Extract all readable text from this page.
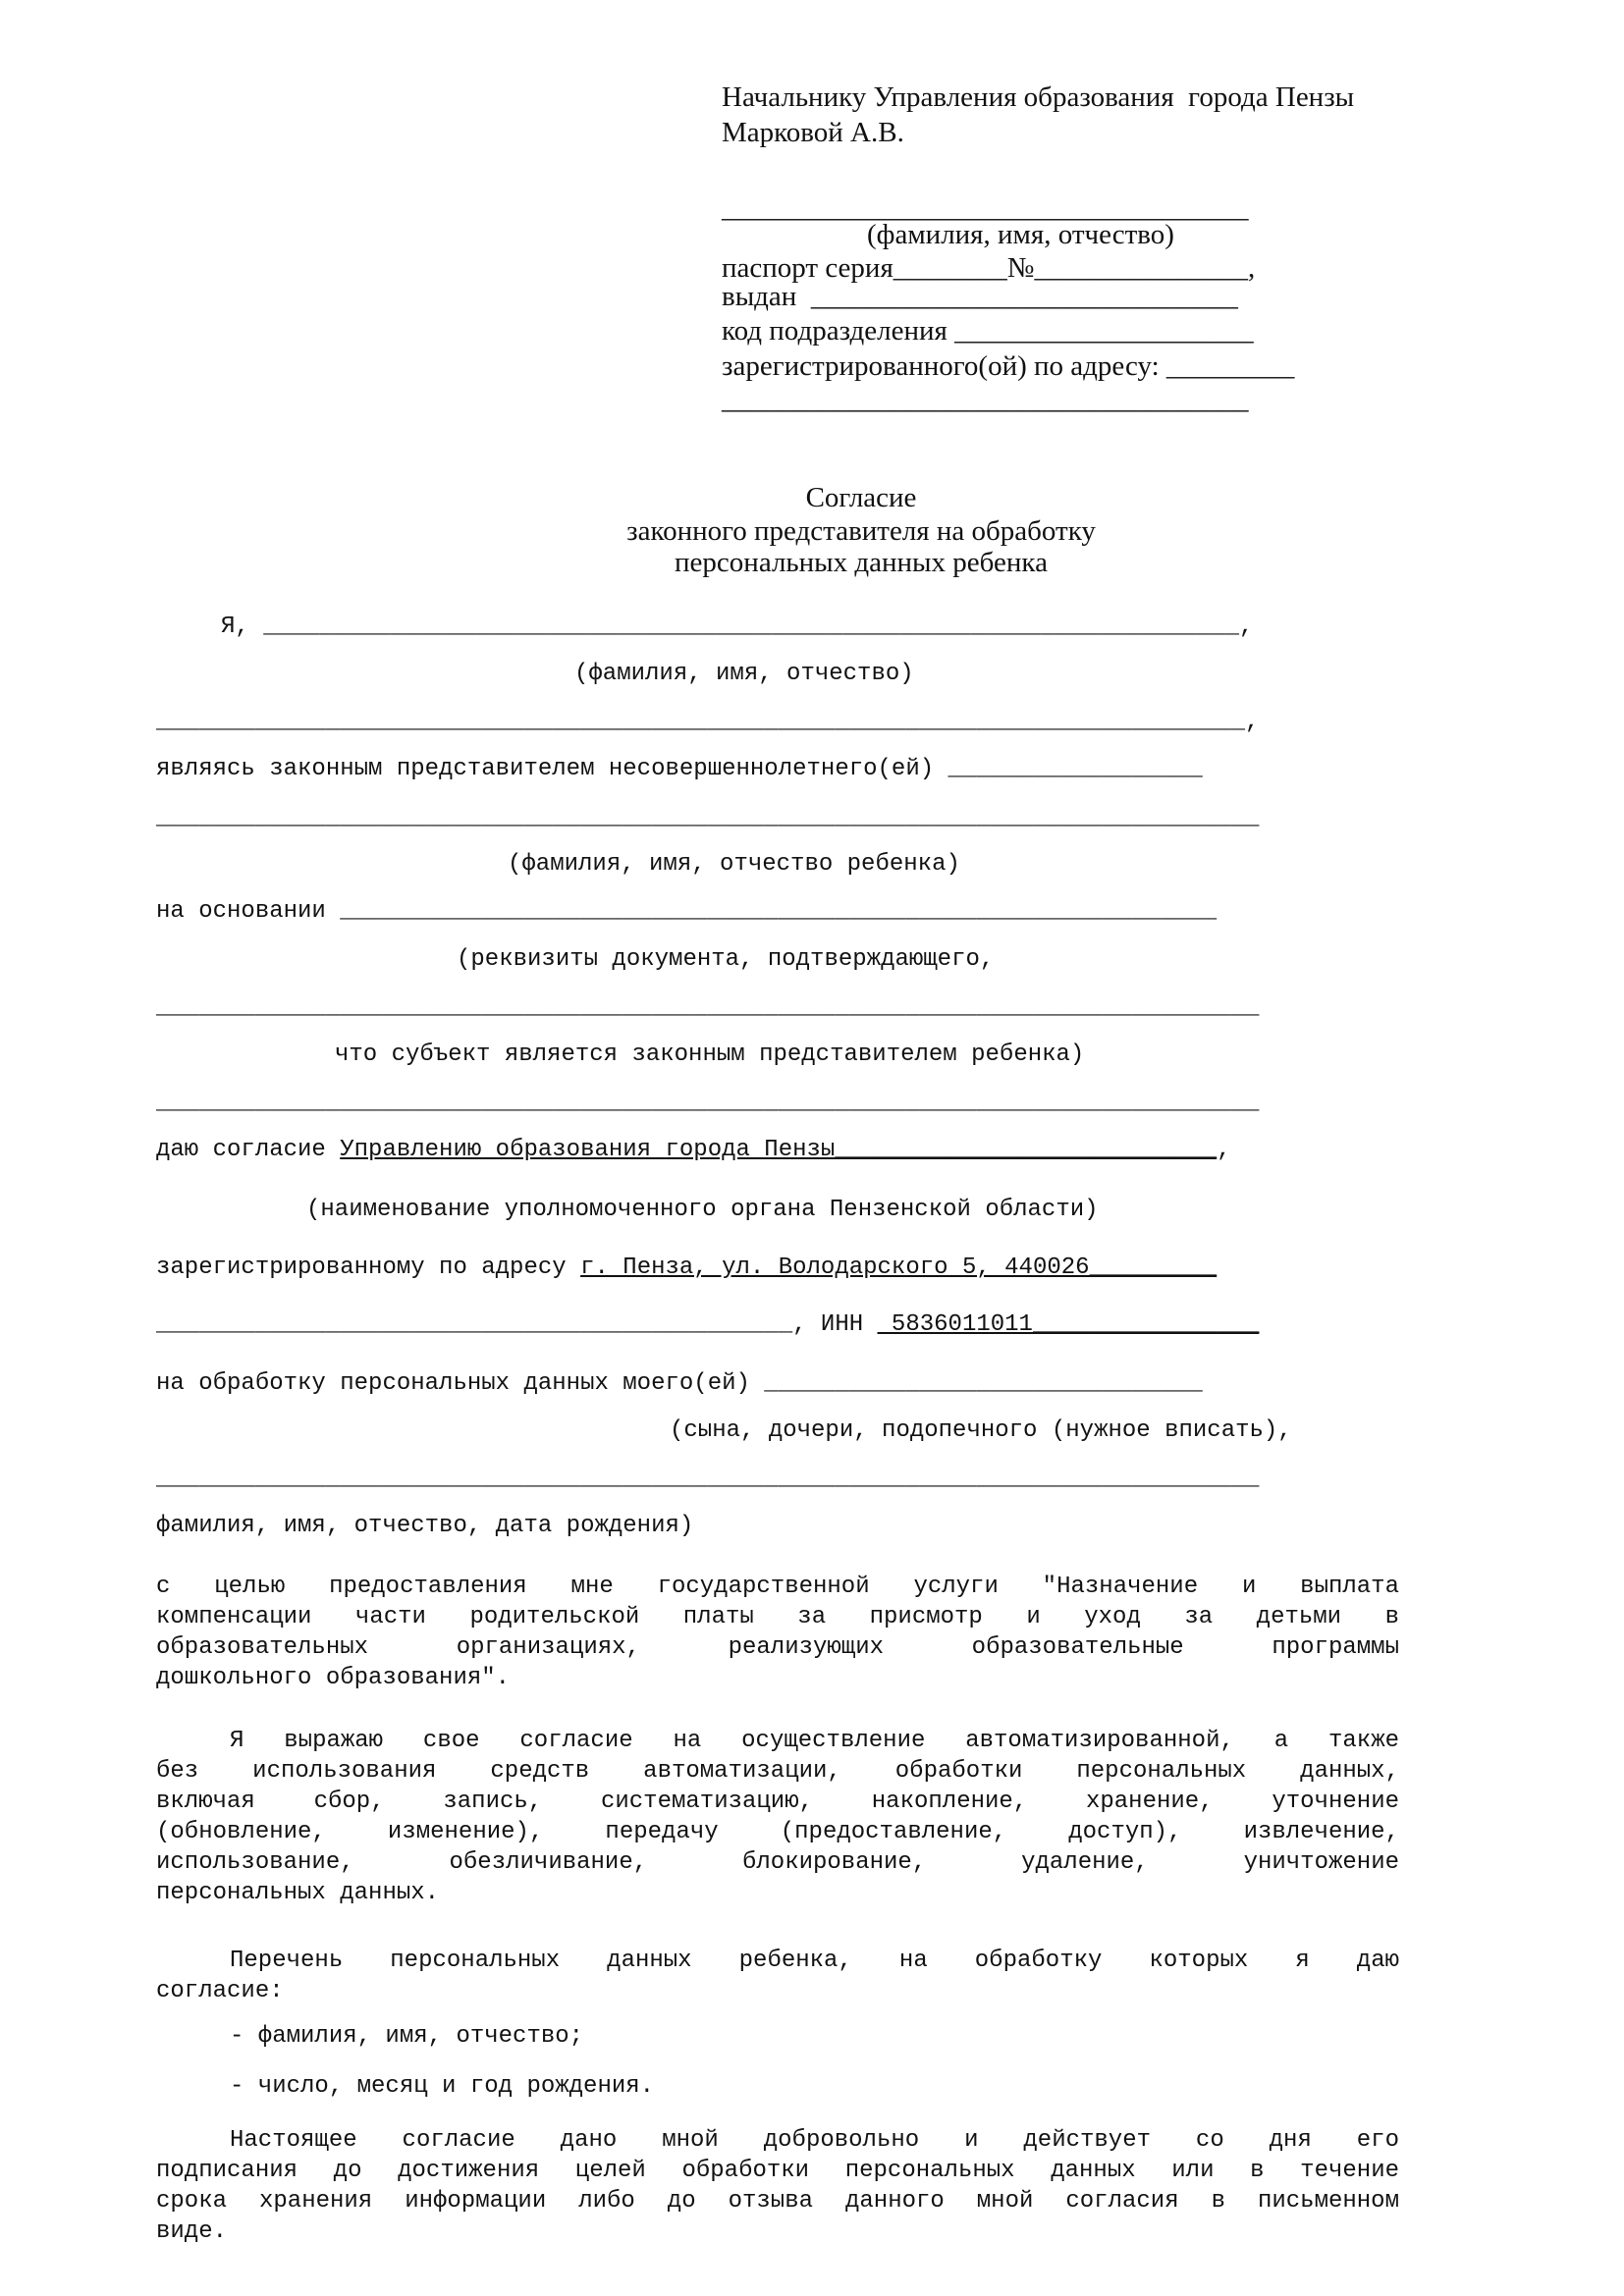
Начальнику Управления образования  города Пензы
Марковой А.В.
_____________________________________
(фамилия, имя, отчество)
паспорт серия________№_______________,
выдан  ______________________________
код подразделения _____________________
зарегистрированного(ой) по адресу: _________
_____________________________________
Согласие
законного представителя на обработку
персональных данных ребенка
Я, _____________________________________________________________________,
(фамилия, имя, отчество)
_____________________________________________________________________________,
являясь законным представителем несовершеннолетнего(ей) __________________
______________________________________________________________________________
(фамилия, имя, отчество ребенка)
на основании ______________________________________________________________
(реквизиты документа, подтверждающего,
______________________________________________________________________________
что субъект является законным представителем ребенка)
______________________________________________________________________________
даю согласие Управлению образования города Пензы___________________________,
(наименование уполномоченного органа Пензенской области)
зарегистрированному по адресу г. Пенза, ул. Володарского 5, 440026_________
_____________________________________________, ИНН  5836011011________________
на обработку персональных данных моего(ей) _______________________________
(сына, дочери, подопечного (нужное вписать),
______________________________________________________________________________
фамилия, имя, отчество, дата рождения)
с целью предоставления мне государственной услуги "Назначение и выплата
компенсации части родительской платы за присмотр и уход за детьми в
образовательных организациях, реализующих образовательные программы
дошкольного образования".
Я выражаю свое согласие на осуществление автоматизированной, а также
без использования средств автоматизации, обработки персональных данных,
включая сбор, запись, систематизацию, накопление, хранение, уточнение
(обновление, изменение), передачу (предоставление, доступ), извлечение,
использование, обезличивание, блокирование, удаление, уничтожение
персональных данных.
Перечень персональных данных ребенка, на обработку которых я даю
согласие:
- фамилия, имя, отчество;
- число, месяц и год рождения.
Настоящее согласие дано мной добровольно и действует со дня его
подписания до достижения целей обработки персональных данных или в течение
срока хранения информации либо до отзыва данного мной согласия в письменном
виде.
